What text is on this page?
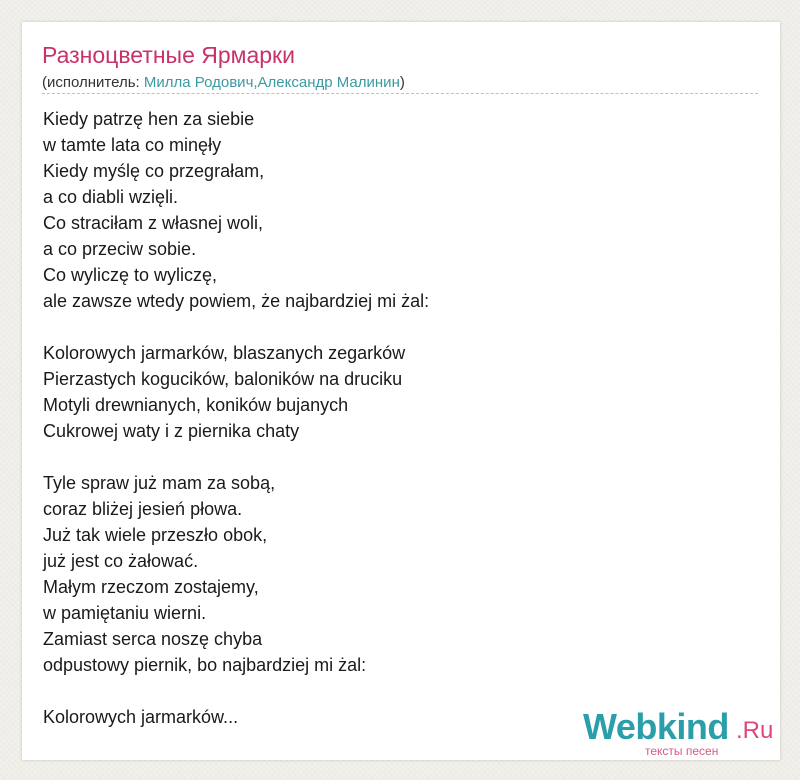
Разноцветные Ярмарки
(исполнитель: Милла Родович,Александр Малинин)
Kiedy patrzę hen za siebie
w tamte lata co minęły
Kiedy myślę co przegrałam,
a co diabli wzięli.
Co straciłam z własnej woli,
a co przeciw sobie.
Co wyliczę to wyliczę,
ale zawsze wtedy powiem, że najbardziej mi żal:
Kolorowych jarmarków, blaszanych zegarków
Pierzastych kogucików, baloników na druciku
Motyli drewnianych, koników bujanych
Cukrowej waty i z piernika chaty
Tyle spraw już mam za sobą,
coraz bliżej jesień płowa.
Już tak wiele przeszło obok,
już jest co żałować.
Małym rzeczom zostajemy,
w pamiętaniu wierni.
Zamiast serca noszę chyba
odpustowy piernik, bo najbardziej mi żal:
Kolorowych jarmarków...	Webkind .Ru
тексты песен
